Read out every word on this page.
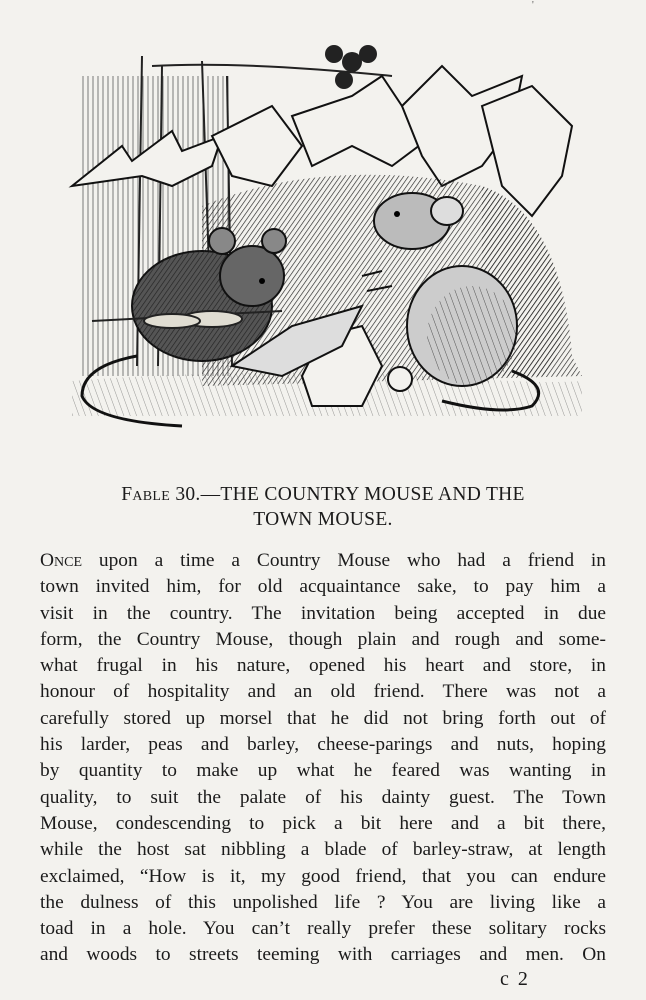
'
Fable 30.—THE COUNTRY MOUSE AND THE
TOWN MOUSE.
Once upon a time a Country Mouse who had a friend in
town invited him, for old acquaintance sake, to pay him a
visit in the country. The invitation being accepted in due
form, the Country Mouse, though plain and rough and some-
what frugal in his nature, opened his heart and store, in
honour of hospitality and an old friend. There was not a
carefully stored up morsel that he did not bring forth out of
his larder, peas and barley, cheese-parings and nuts, hoping
by quantity to make up what he feared was wanting in
quality, to suit the palate of his dainty guest. The Town
Mouse, condescending to pick a bit here and a bit there,
while the host sat nibbling a blade of barley-straw, at length
exclaimed, “How is it, my good friend, that you can endure
the dulness of this unpolished life ? You are living like a
toad in a hole. You can’t really prefer these solitary rocks
and woods to streets teeming with carriages and men. On
c 2
